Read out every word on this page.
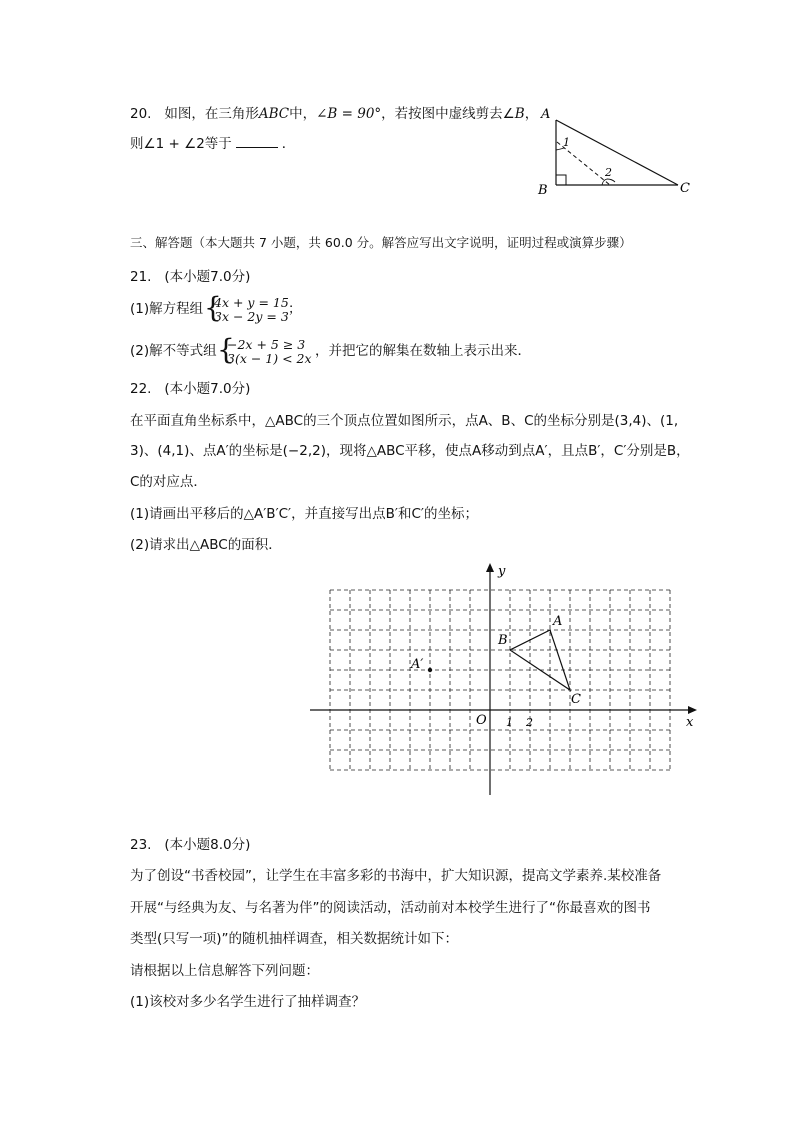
20. 如图，在三角形ABC中，∠B = 90°，若按图中虚线剪去∠B，
则∠1 + ∠2等于	．
A
B	C
1
2
三、解答题（本大题共 7 小题，共 60.0 分。解答应写出文字说明，证明过程或演算步骤）
21. (本小题7.0分)
(1)解方程组 {
4x + y = 15
3x − 2y = 3 ；
(2)解不等式组 {
−2x + 5 ≥ 3
3(x − 1) < 2x ，并把它的解集在数轴上表示出来．
22. (本小题7.0分)
在平面直角坐标系中，△ABC的三个顶点位置如图所示，点A、B、C的坐标分别是(3,4)、(1,
3)、(4,1)、点A′的坐标是(−2,2)，现将△ABC平移，使点A移动到点A′，且点B′，C′分别是B，
C的对应点．
(1)请画出平移后的△A′B′C′，并直接写出点B′和C′的坐标；
(2)请求出△ABC的面积．
x
y
O 1 2
A
B
C
A′
23. (本小题8.0分)
为了创设“书香校园”，让学生在丰富多彩的书海中，扩大知识源，提高文学素养.某校准备
开展“与经典为友、与名著为伴”的阅读活动，活动前对本校学生进行了“你最喜欢的图书
类型(只写一项)”的随机抽样调查，相关数据统计如下：
请根据以上信息解答下列问题：
(1)该校对多少名学生进行了抽样调查？
